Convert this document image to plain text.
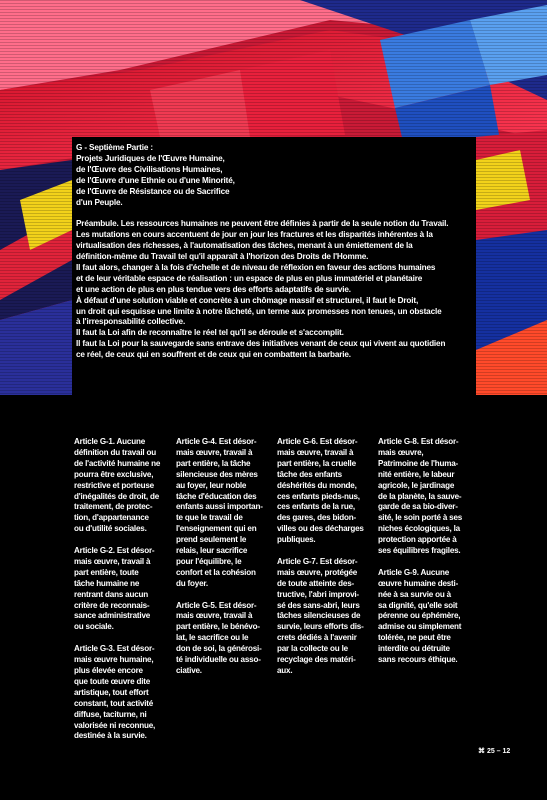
G - Septième Partie :
Projets Juridiques de l'Œuvre Humaine,
de l'Œuvre des Civilisations Humaines,
de l'Œuvre d'une Ethnie ou d'une Minorité,
de l'Œuvre de Résistance ou de Sacrifice
d'un Peuple.

Préambule. Les ressources humaines ne peuvent être définies à partir de la seule notion du Travail.
Les mutations en cours accentuent de jour en jour les fractures et les disparités inhérentes à la
virtualisation des richesses, à l'automatisation des tâches, menant à un émiettement de la
définition-même du Travail tel qu'il apparaît à l'horizon des Droits de l'Homme.
Il faut alors, changer à la fois d'échelle et de niveau de réflexion en faveur des actions humaines
et de leur véritable espace de réalisation : un espace de plus en plus immatériel et planétaire
et une action de plus en plus tendue vers des efforts adaptatifs de survie.
À défaut d'une solution viable et concrète à un chômage massif et structurel, il faut le Droit,
un droit qui esquisse une limite à notre lâcheté, un terme aux promesses non tenues, un obstacle
à l'irresponsabilité collective.
Il faut la Loi afin de reconnaître le réel tel qu'il se déroule et s'accomplit.
Il faut la Loi pour la sauvegarde sans entrave des initiatives venant de ceux qui vivent au quotidien
ce réel, de ceux qui en souffrent et de ceux qui en combattent la barbarie.

Article G-1. Aucune
définition du travail ou
de l'activité humaine ne
pourra être exclusive,
restrictive et porteuse
d'inégalités de droit, de
traitement, de protec-
tion, d'appartenance
ou d'utilité sociales.

Article G-2. Est désor-
mais œuvre, travail à
part entière, toute
tâche humaine ne
rentrant dans aucun
critère de reconnais-
sance administrative
ou sociale.

Article G-3. Est désor-
mais œuvre humaine,
plus élevée encore
que toute œuvre dite
artistique, tout effort
constant, tout activité
diffuse, taciturne, ni
valorisée ni reconnue,
destinée à la survie.

Article G-4. Est désor-
mais œuvre, travail à
part entière, la tâche
silencieuse des mères
au foyer, leur noble
tâche d'éducation des
enfants aussi importan-
te que le travail de
l'enseignement qui en
prend seulement le
relais, leur sacrifice
pour l'équilibre, le
confort et la cohésion
du foyer.

Article G-5. Est désor-
mais œuvre, travail à
part entière, le bénévo-
lat, le sacrifice ou le
don de soi, la générosi-
té individuelle ou asso-
ciative.

Article G-6. Est désor-
mais œuvre, travail à
part entière, la cruelle
tâche des enfants
déshérités du monde,
ces enfants pieds-nus,
ces enfants de la rue,
des gares, des bidon-
villes ou des décharges
publiques.

Article G-7. Est désor-
mais œuvre, protégée
de toute atteinte des-
tructive, l'abri improvi-
sé des sans-abri, leurs
tâches silencieuses de
survie, leurs efforts dis-
crets dédiés à l'avenir
par la collecte ou le
recyclage des matéri-
aux.

Article G-8. Est désor-
mais œuvre,
Patrimoine de l'huma-
nité entière, le labeur
agricole, le jardinage
de la planète, la sauve-
garde de sa bio-diver-
sité, le soin porté à ses
niches écologiques, la
protection apportée à
ses équilibres fragiles.

Article G-9. Aucune
œuvre humaine desti-
née à sa survie ou à
sa dignité, qu'elle soit
pérenne ou éphémère,
admise ou simplement
tolérée, ne peut être
interdite ou détruite
sans recours éthique.

⌘ 25 – 12
